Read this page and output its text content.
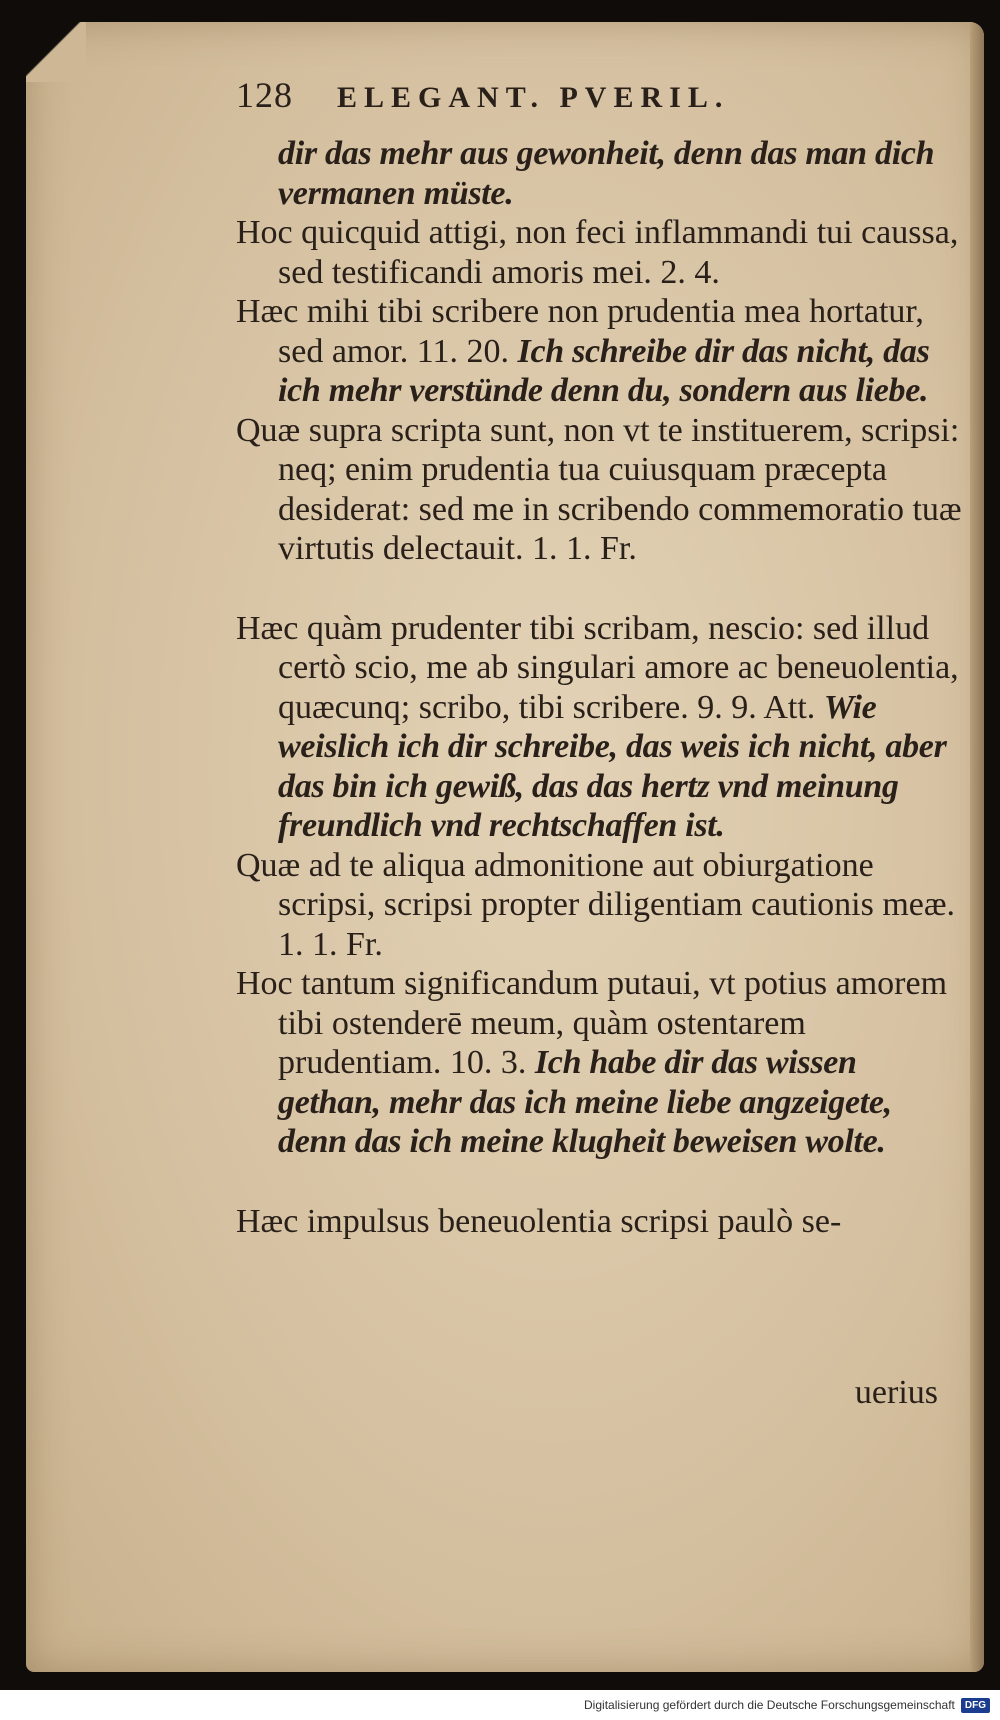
128 ELEGANT. PVERIL.

dir das mehr aus gewonheit, denn das man dich vermanen müste.

Hoc quicquid attigi, non feci inflammandi tui caussa, sed testificandi amoris mei. 2. 4.

Hæc mihi tibi scribere non prudentia mea hortatur, sed amor. 11. 20. Ich schreibe dir das nicht, das ich mehr verstünde denn du, sondern aus liebe.

Quæ supra scripta sunt, non vt te instituerem, scripsi: neq; enim prudentia tua cuiusquam præcepta desiderat: sed me in scribendo commemoratio tuæ virtutis delectauit. 1. 1. Fr.

Hæc quàm prudenter tibi scribam, nescio: sed illud certò scio, me ab singulari amore ac beneuolentia, quæcunq; scribo, tibi scribere. 9. 9. Att. Wie weislich ich dir schreibe, das weis ich nicht, aber das bin ich gewiß, das das hertz vnd meinung freundlich vnd rechtschaffen ist.

Quæ ad te aliqua admonitione aut obiurgatione scripsi, scripsi propter diligentiam cautionis meæ. 1. 1. Fr.

Hoc tantum significandum putaui, vt potius amorem tibi ostenderē meum, quàm ostentarem prudentiam. 10. 3. Ich habe dir das wissen gethan, mehr das ich meine liebe angzeigete, denn das ich meine klugheit beweisen wolte.

Hæc impulsus beneuolentia scripsi paulò se-

uerius
Digitalisierung gefördert durch die Deutsche Forschungsgemeinschaft	DFG
